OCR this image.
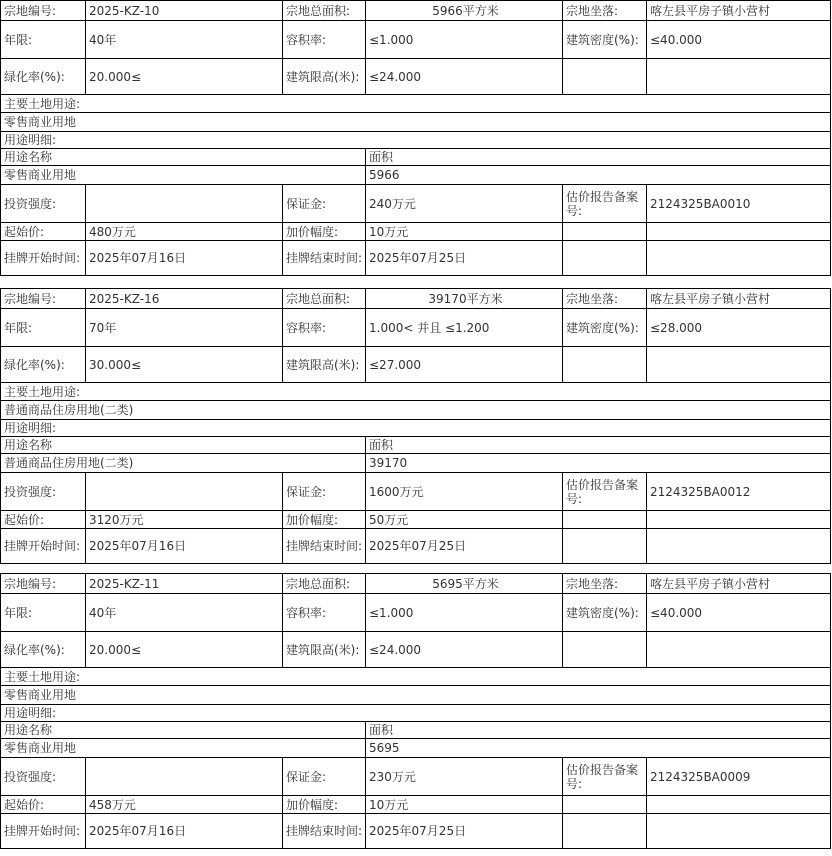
宗地编号:	2025-KZ-10	宗地总面积:	5966平方米	宗地坐落:	喀左县平房子镇小营村
年限:	40年	容积率:	≤1.000	建筑密度(%):	≤40.000
绿化率(%):	20.000≤	建筑限高(米):	≤24.000		
主要土地用途:					
零售商业用地					
用途明细:					
用途名称			面积		
零售商业用地			5966		
投资强度:		保证金:	240万元	估价报告备案号:	2124325BA0010
起始价:	480万元	加价幅度:	10万元		
挂牌开始时间:	2025年07月16日	挂牌结束时间:	2025年07月25日		
宗地编号:	2025-KZ-16	宗地总面积:	39170平方米	宗地坐落:	喀左县平房子镇小营村
年限:	70年	容积率:	1.000< 并且 ≤1.200	建筑密度(%):	≤28.000
绿化率(%):	30.000≤	建筑限高(米):	≤27.000		
主要土地用途:					
普通商品住房用地(二类)					
用途明细:					
用途名称			面积		
普通商品住房用地(二类)			39170		
投资强度:		保证金:	1600万元	估价报告备案号:	2124325BA0012
起始价:	3120万元	加价幅度:	50万元		
挂牌开始时间:	2025年07月16日	挂牌结束时间:	2025年07月25日		
宗地编号:	2025-KZ-11	宗地总面积:	5695平方米	宗地坐落:	喀左县平房子镇小营村
年限:	40年	容积率:	≤1.000	建筑密度(%):	≤40.000
绿化率(%):	20.000≤	建筑限高(米):	≤24.000		
主要土地用途:					
零售商业用地					
用途明细:					
用途名称			面积		
零售商业用地			5695		
投资强度:		保证金:	230万元	估价报告备案号:	2124325BA0009
起始价:	458万元	加价幅度:	10万元		
挂牌开始时间:	2025年07月16日	挂牌结束时间:	2025年07月25日		
